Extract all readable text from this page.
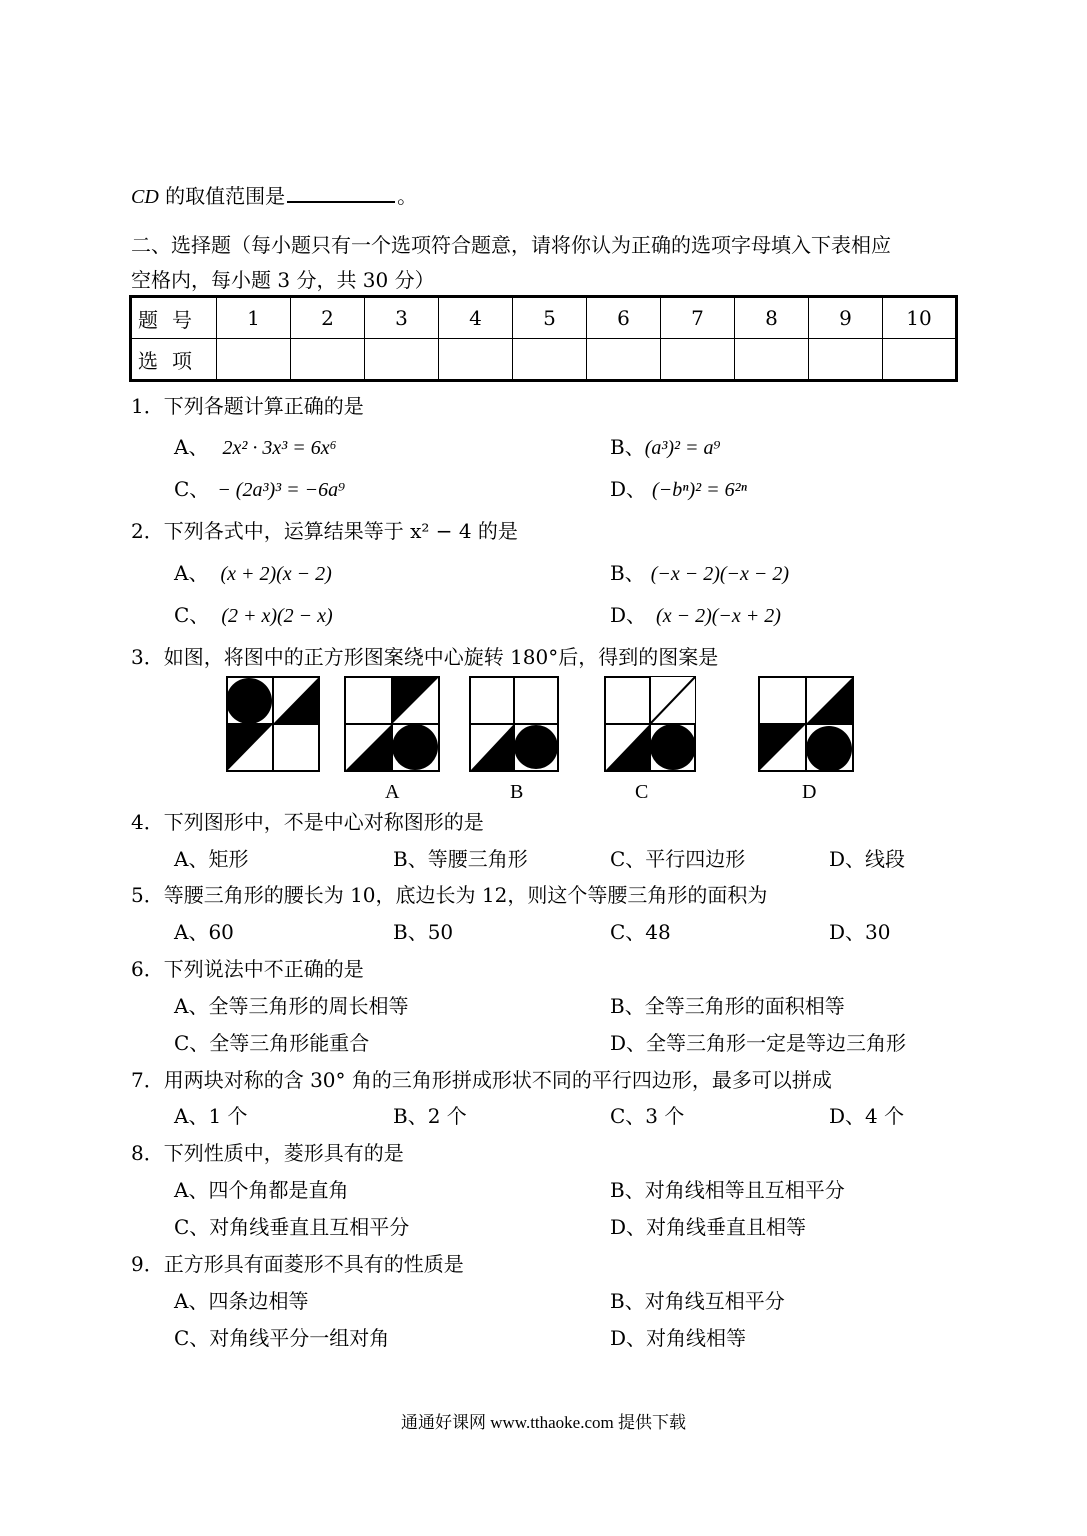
CD 的取值范围是	。
二、选择题（每小题只有一个选项符合题意，请将你认为正确的选项字母填入下表相应
空格内，每小题 3 分，共 30 分）
题号	1	2	3	4	5	6	7	8	9	10
选项										
1．下列各题计算正确的是
A、 2x² · 3x³ = 6x⁶	B、(a³)² = a⁹
C、 − (2a³)³ = −6a⁹	D、 (−bⁿ)² = 6²ⁿ
2．下列各式中，运算结果等于 x² − 4 的是
A、 (x + 2)(x − 2)	B、 (−x − 2)(−x − 2)
C、 (2 + x)(2 − x)	D、 (x − 2)(−x + 2)
3．如图，将图中的正方形图案绕中心旋转 180°后，得到的图案是
A	B	C	D
4．下列图形中，不是中心对称图形的是
A、矩形	B、等腰三角形	C、平行四边形	D、线段
5．等腰三角形的腰长为 10，底边长为 12，则这个等腰三角形的面积为
A、60	B、50	C、48	D、30
6．下列说法中不正确的是
A、全等三角形的周长相等	B、全等三角形的面积相等
C、全等三角形能重合	D、全等三角形一定是等边三角形
7．用两块对称的含 30° 角的三角形拼成形状不同的平行四边形，最多可以拼成
A、1 个	B、2 个	C、3 个	D、4 个
8．下列性质中，菱形具有的是
A、四个角都是直角	B、对角线相等且互相平分
C、对角线垂直且互相平分	D、对角线垂直且相等
9．正方形具有面菱形不具有的性质是
A、四条边相等	B、对角线互相平分
C、对角线平分一组对角	D、对角线相等
通通好课网 www.tthaoke.com 提供下载
